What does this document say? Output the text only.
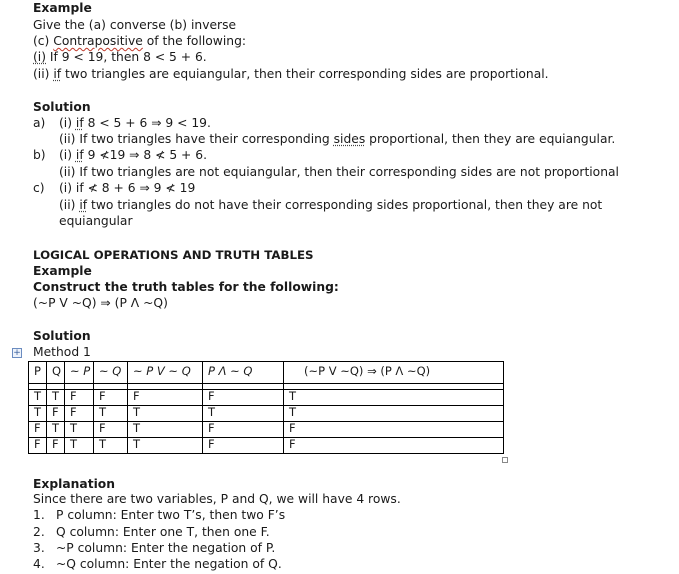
Example
Give the (a) converse (b) inverse
(c) Contrapositive of the following:
(i) If 9 < 19, then 8 < 5 + 6.
(ii) if two triangles are equiangular, then their corresponding sides are proportional.
Solution
a) (i) if 8 < 5 + 6 ⇒ 9 < 19.
(ii) If two triangles have their corresponding sides proportional, then they are equiangular.
b) (i) if 9 ≮19 ⇒ 8 ≮ 5 + 6.
(ii) If two triangles are not equiangular, then their corresponding sides are not proportional
c) (i) if ≮ 8 + 6 ⇒ 9 ≮ 19
(ii) if two triangles do not have their corresponding sides proportional, then they are not
equiangular
LOGICAL OPERATIONS AND TRUTH TABLES
Example
Construct the truth tables for the following:
(~P V ~Q) ⇒ (P Λ ~Q)
Solution
+ Method 1
P	Q	~ P	~ Q	~ P V ~ Q	P Λ ~ Q	(~P V ~Q) ⇒ (P Λ ~Q)

T	T	F	F	F	F	T
T	F	F	T	T	T	T
F	T	T	F	T	F	F
F	F	T	T	T	F	F
Explanation
Since there are two variables, P and Q, we will have 4 rows.
1. P column: Enter two T’s, then two F’s
2. Q column: Enter one T, then one F.
3. ~P column: Enter the negation of P.
4. ~Q column: Enter the negation of Q.
